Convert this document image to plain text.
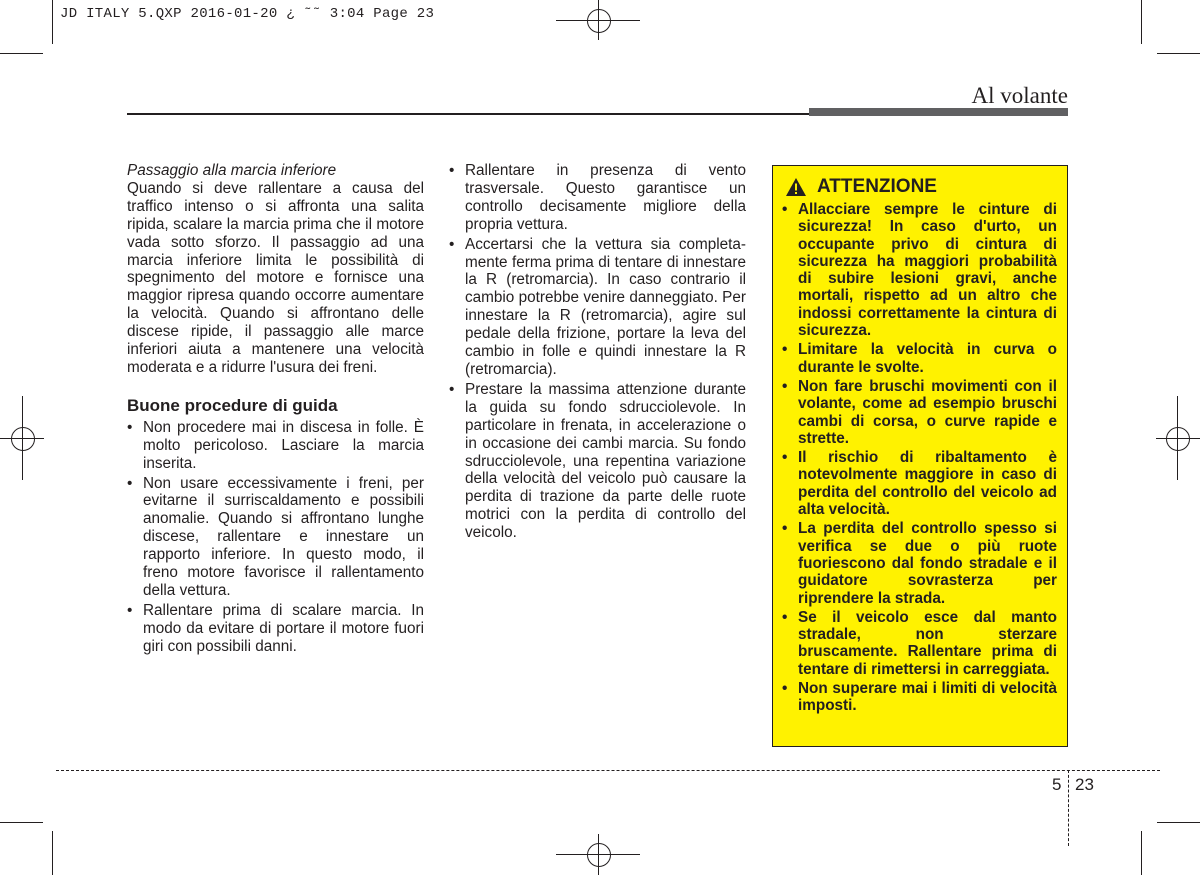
JD ITALY 5.QXP 2016-01-20 ¿ ˜˜ 3:04 Page 23
Al volante

Passaggio alla marcia inferiore

Quando si deve rallentare a causa del traffico intenso o si affronta una salita ripida, scalare la marcia prima che il motore vada sotto sforzo. Il passaggio ad una marcia inferiore limita le possibilità di spegnimento del motore e fornisce una maggior ripresa quando occorre aumentare la velocità. Quando si affrontano delle discese ripide, il passaggio alle marce inferiori aiuta a mantenere una velocità moderata e a ridurre l'usura dei freni.

Buone procedure di guida
• Non procedere mai in discesa in folle. È molto pericoloso. Lasciare la marcia inserita.
• Non usare eccessivamente i freni, per evitarne il surriscaldamento e possibili anomalie. Quando si affrontano lunghe discese, rallentare e innestare un rapporto inferiore. In questo modo, il freno motore favorisce il rallentamento della vettura.
• Rallentare prima di scalare marcia. In modo da evitare di portare il motore fuori giri con possibili danni.
• Rallentare in presenza di vento trasversale. Questo garantisce un controllo decisamente migliore della propria vettura.
• Accertarsi che la vettura sia completa-mente ferma prima di tentare di innestare la R (retromarcia). In caso contrario il cambio potrebbe venire danneggiato. Per innestare la R (retromarcia), agire sul pedale della frizione, portare la leva del cambio in folle e quindi innestare la R (retromarcia).
• Prestare la massima attenzione durante la guida su fondo sdrucciolevole. In particolare in frenata, in accelerazione o in occasione dei cambi marcia. Su fondo sdrucciolevole, una repentina variazione della velocità del veicolo può causare la perdita di trazione da parte delle ruote motrici con la perdita di controllo del veicolo.
ATTENZIONE
• Allacciare sempre le cinture di sicurezza! In caso d'urto, un occupante privo di cintura di sicurezza ha maggiori probabilità di subire lesioni gravi, anche mortali, rispetto ad un altro che indossi correttamente la cintura di sicurezza.
• Limitare la velocità in curva o durante le svolte.
• Non fare bruschi movimenti con il volante, come ad esempio bruschi cambi di corsa, o curve rapide e strette.
• Il rischio di ribaltamento è notevolmente maggiore in caso di perdita del controllo del veicolo ad alta velocità.
• La perdita del controllo spesso si verifica se due o più ruote fuoriescono dal fondo stradale e il guidatore sovrasterza per riprendere la strada.
• Se il veicolo esce dal manto stradale, non sterzare bruscamente. Rallentare prima di tentare di rimettersi in carreggiata.
• Non superare mai i limiti di velocità imposti.
5 23
